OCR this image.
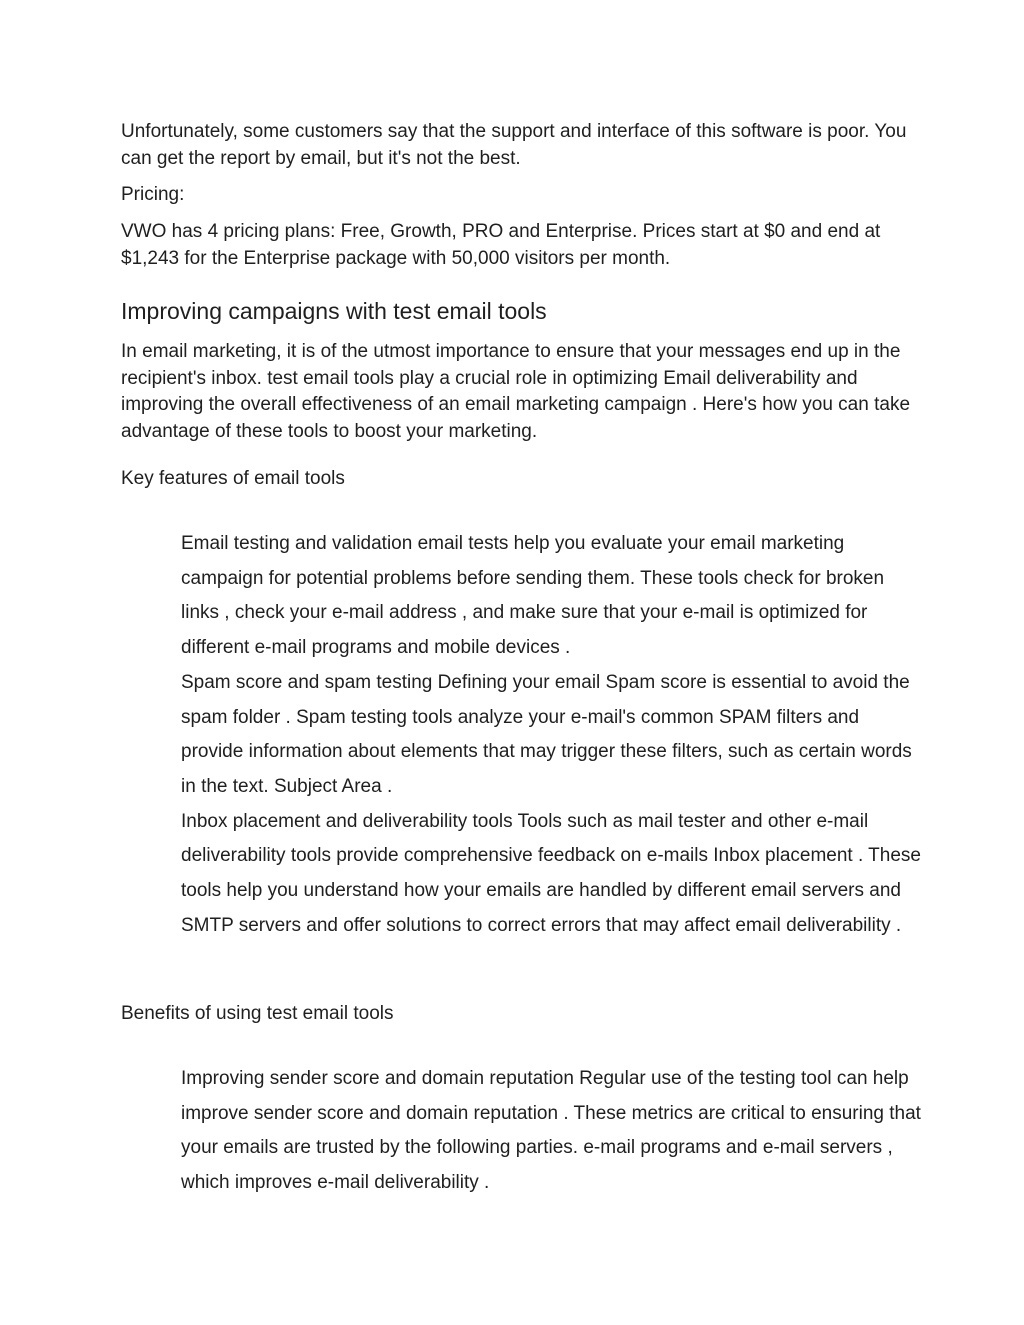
Unfortunately, some customers say that the support and interface of this software is poor. You can get the report by email, but it's not the best.

Pricing:

VWO has 4 pricing plans: Free, Growth, PRO and Enterprise. Prices start at $0 and end at $1,243 for the Enterprise package with 50,000 visitors per month.

Improving campaigns with test email tools

In email marketing, it is of the utmost importance to ensure that your messages end up in the recipient's inbox. test email tools play a crucial role in optimizing Email deliverability and improving the overall effectiveness of an email marketing campaign . Here's how you can take advantage of these tools to boost your marketing.

Key features of email tools

Email testing and validation email tests help you evaluate your email marketing campaign for potential problems before sending them. These tools check for broken links , check your e-mail address , and make sure that your e-mail is optimized for different e-mail programs and mobile devices .

Spam score and spam testing Defining your email Spam score is essential to avoid the spam folder . Spam testing tools analyze your e-mail's common SPAM filters and provide information about elements that may trigger these filters, such as certain words in the text. Subject Area .

Inbox placement and deliverability tools Tools such as mail tester and other e-mail deliverability tools provide comprehensive feedback on e-mails Inbox placement . These tools help you understand how your emails are handled by different email servers and SMTP servers and offer solutions to correct errors that may affect email deliverability .

Benefits of using test email tools

Improving sender score and domain reputation Regular use of the testing tool can help improve sender score and domain reputation . These metrics are critical to ensuring that your emails are trusted by the following parties. e-mail programs and e-mail servers , which improves e-mail deliverability .
